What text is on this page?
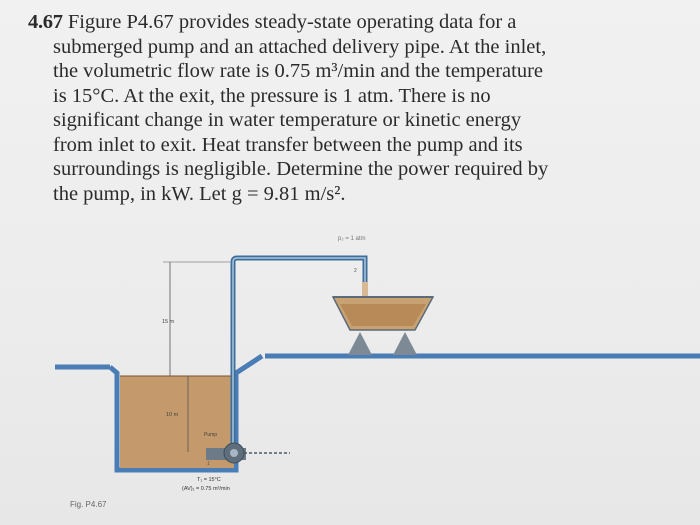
4.67 Figure P4.67 provides steady-state operating data for a
submerged pump and an attached delivery pipe. At the inlet,
the volumetric flow rate is 0.75 m³/min and the temperature
is 15°C. At the exit, the pressure is 1 atm. There is no
significant change in water temperature or kinetic energy
from inlet to exit. Heat transfer between the pump and its
surroundings is negligible. Determine the power required by
the pump, in kW. Let g = 9.81 m/s².
15 m
10 m
p₂ = 1 atm
2
Pump
1
T₁ = 15°C
(AV)₁ = 0.75 m³/min
Fig. P4.67
